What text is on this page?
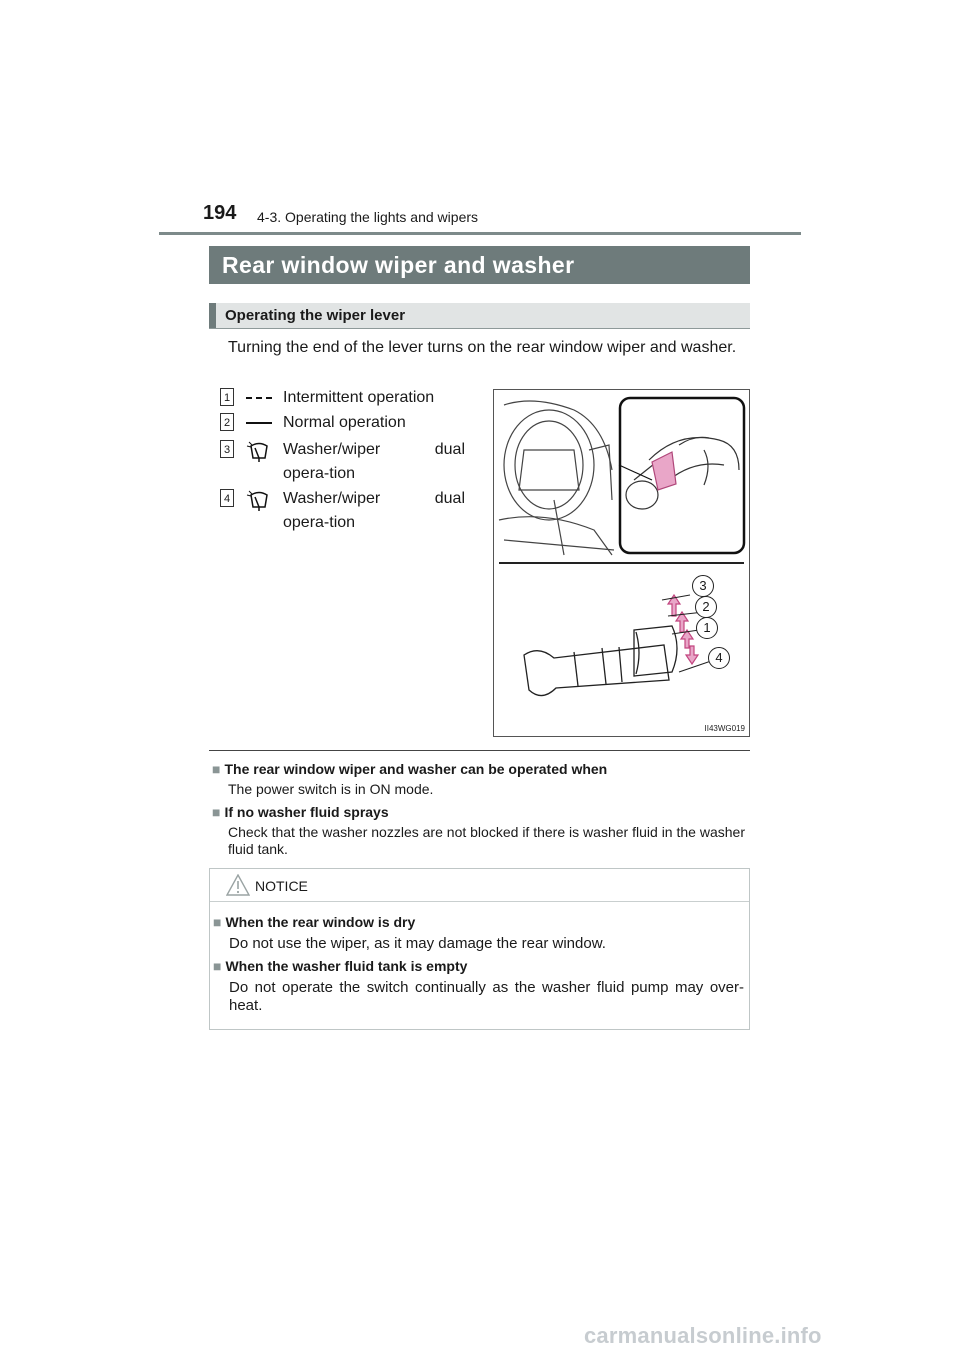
194 4-3. Operating the lights and wipers
Rear window wiper and washer
Operating the wiper lever
Turning the end of the lever turns on the rear window wiper and washer.
1	Intermittent operation
2	Normal operation
3	Washer/wiper dual opera-tion
4	Washer/wiper dual opera-tion
3
2
1
4
II43WG019
■ The rear window wiper and washer can be operated when
The power switch is in ON mode.
■ If no washer fluid sprays
Check that the washer nozzles are not blocked if there is washer fluid in the washer fluid tank.
NOTICE
■ When the rear window is dry
Do not use the wiper, as it may damage the rear window.
■ When the washer fluid tank is empty
Do not operate the switch continually as the washer fluid pump may over-heat.
carmanualsonline.info
